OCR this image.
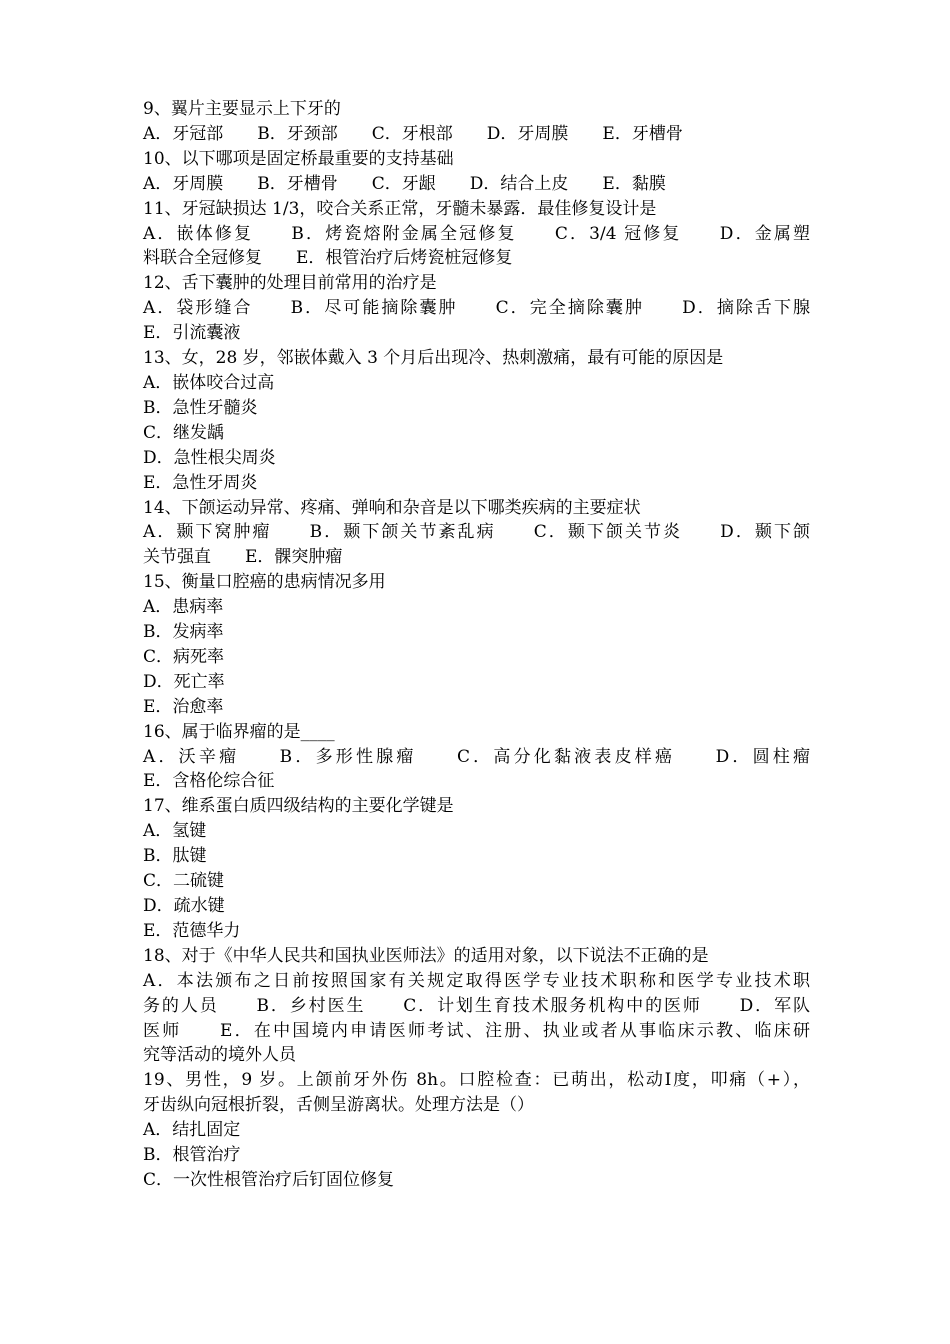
9、翼片主要显示上下牙的
A．牙冠部　　B．牙颈部　　C．牙根部　　D．牙周膜　　E．牙槽骨
10、以下哪项是固定桥最重要的支持基础
A．牙周膜　　B．牙槽骨　　C．牙龈　　D．结合上皮　　E．黏膜
11、牙冠缺损达 1/3，咬合关系正常，牙髓未暴露．最佳修复设计是
A．嵌体修复　　B．烤瓷熔附金属全冠修复　　C．3/4 冠修复　　D．金属塑
料联合全冠修复　　E．根管治疗后烤瓷桩冠修复
12、舌下囊肿的处理目前常用的治疗是
A．袋形缝合　　B．尽可能摘除囊肿　　C．完全摘除囊肿　　D．摘除舌下腺
E．引流囊液
13、女，28 岁，邻嵌体戴入 3 个月后出现冷、热刺激痛，最有可能的原因是
A．嵌体咬合过高
B．急性牙髓炎
C．继发龋
D．急性根尖周炎
E．急性牙周炎
14、下颌运动异常、疼痛、弹响和杂音是以下哪类疾病的主要症状
A．颞下窝肿瘤　　B．颞下颌关节紊乱病　　C．颞下颌关节炎　　D．颞下颌
关节强直　　E．髁突肿瘤
15、衡量口腔癌的患病情况多用
A．患病率
B．发病率
C．病死率
D．死亡率
E．治愈率
16、属于临界瘤的是____
A．沃辛瘤　　B．多形性腺瘤　　C．高分化黏液表皮样癌　　D．圆柱瘤
E．含格伦综合征
17、维系蛋白质四级结构的主要化学键是
A．氢键
B．肽键
C．二硫键
D．疏水键
E．范德华力
18、对于《中华人民共和国执业医师法》的适用对象，以下说法不正确的是
A．本法颁布之日前按照国家有关规定取得医学专业技术职称和医学专业技术职
务的人员　　B．乡村医生　　C．计划生育技术服务机构中的医师　　D．军队
医师　　E．在中国境内申请医师考试、注册、执业或者从事临床示教、临床研
究等活动的境外人员
19、男性，9 岁。上颌前牙外伤 8h。口腔检查：已萌出，松动Ⅰ度，叩痛（+），
牙齿纵向冠根折裂，舌侧呈游离状。处理方法是（）
A．结扎固定
B．根管治疗
C．一次性根管治疗后钉固位修复
